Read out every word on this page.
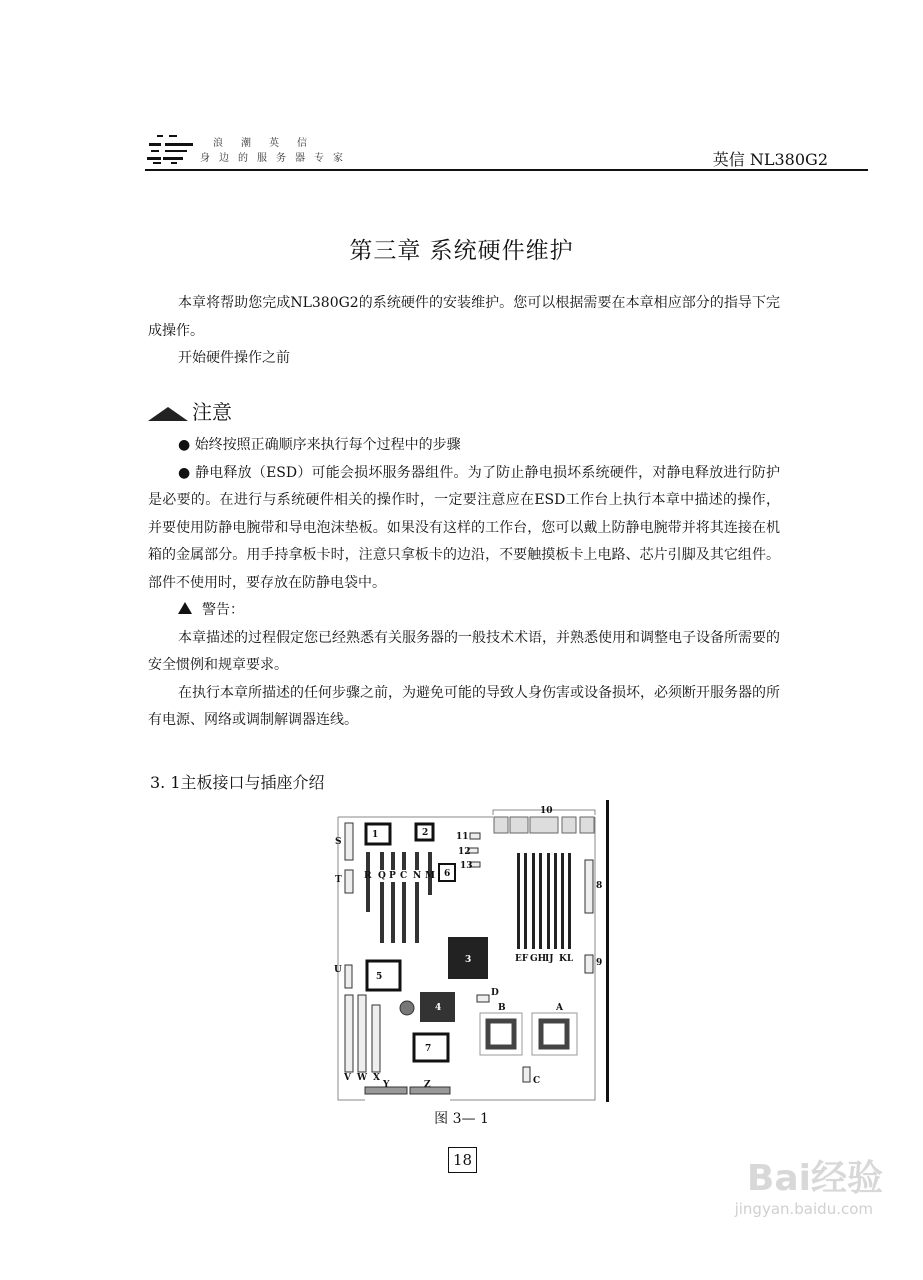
浪潮英信
身边的服务器专家	英信 NL380G2
第三章 系统硬件维护

本章将帮助您完成NL380G2的系统硬件的安装维护。您可以根据需要在本章相应部分的指导下完成操作。

开始硬件操作之前

注意

● 始终按照正确顺序来执行每个过程中的步骤

● 静电释放（ESD）可能会损坏服务器组件。为了防止静电损坏系统硬件，对静电释放进行防护是必要的。在进行与系统硬件相关的操作时，一定要注意应在ESD工作台上执行本章中描述的操作，并要使用防静电腕带和导电泡沫垫板。如果没有这样的工作台，您可以戴上防静电腕带并将其连接在机箱的金属部分。用手持拿板卡时，注意只拿板卡的边沿，不要触摸板卡上电路、芯片引脚及其它组件。部件不使用时，要存放在防静电袋中。

警告：

本章描述的过程假定您已经熟悉有关服务器的一般技术术语，并熟悉使用和调整电子设备所需要的安全惯例和规章要求。

在执行本章所描述的任何步骤之前，为避免可能的导致人身伤害或设备损坏，必须断开服务器的所有电源、网络或调制解调器连线。

3. 1主板接口与插座介绍
1	2
3
4
5
6
7
8
9
10
11
12
13
A
B
C
D
S
T
U
V W X
Y	Z
R Q P C N M
EF GH
IJ KL
图 3— 1
18	Bai经验
jingyan.baidu.com
